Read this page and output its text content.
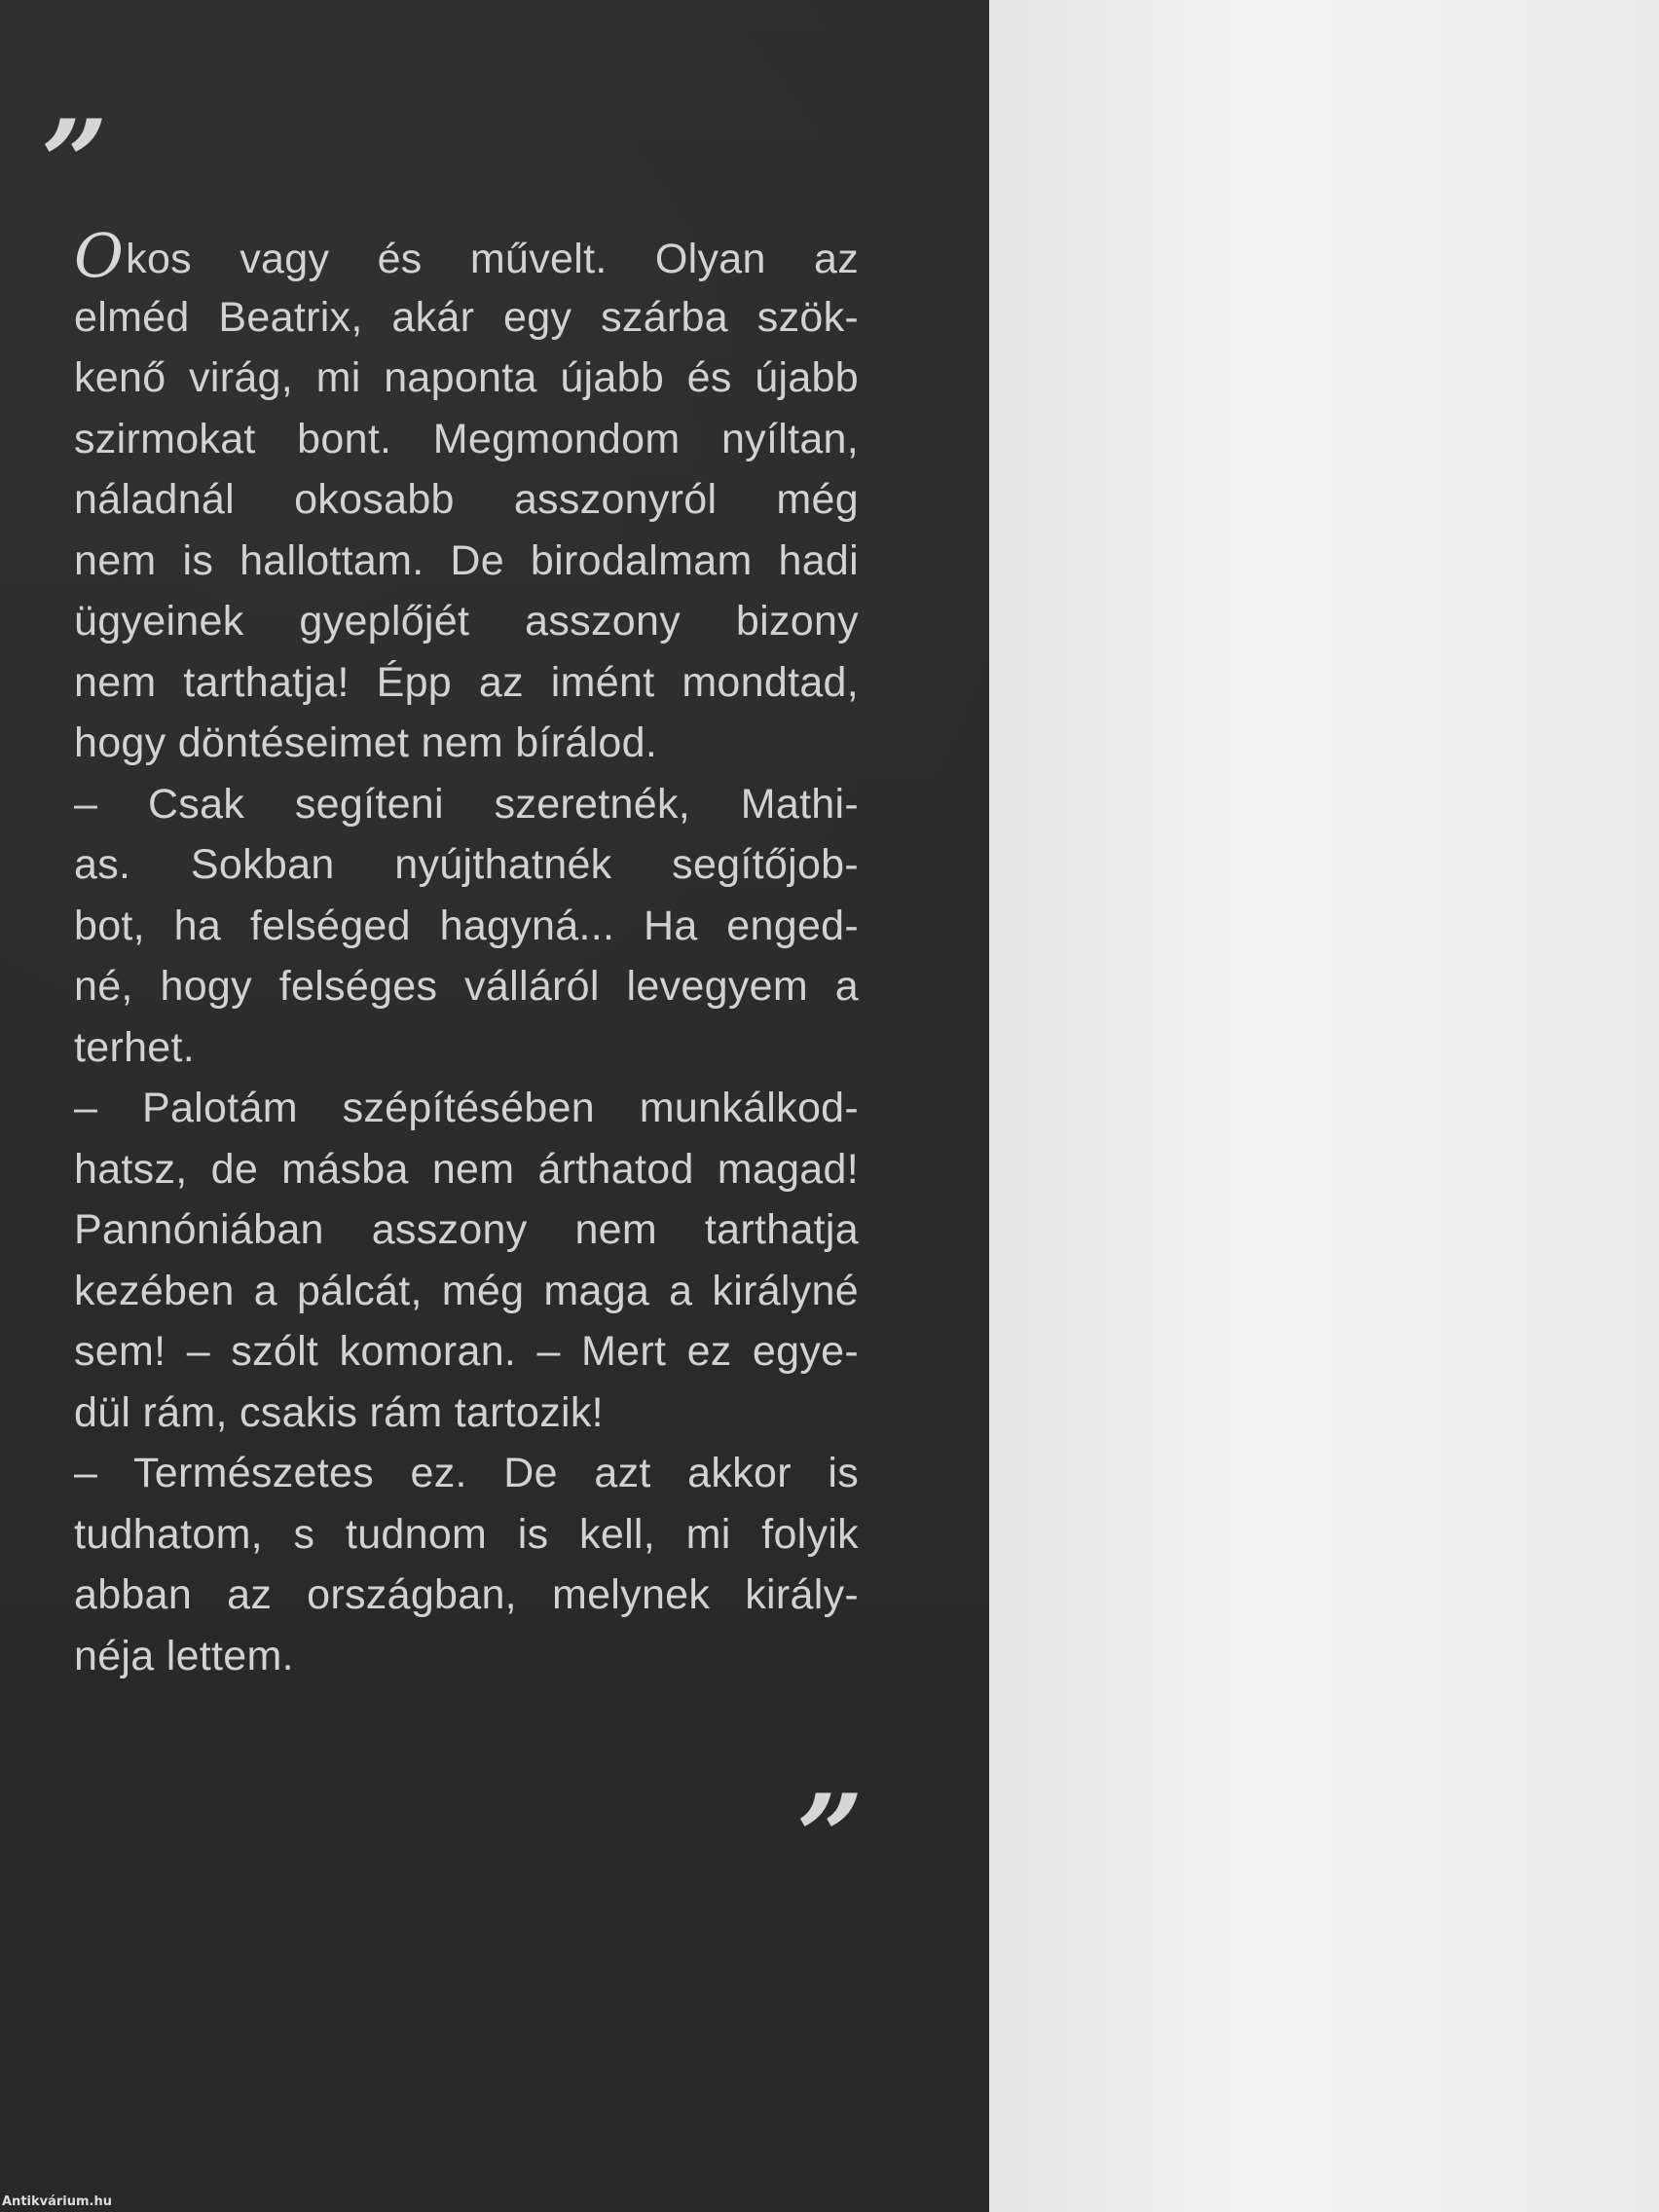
”
Okos vagy és művelt. Olyan az
elméd Beatrix, akár egy szárba szök-
kenő virág, mi naponta újabb és újabb
szirmokat bont. Megmondom nyíltan,
náladnál okosabb asszonyról még
nem is hallottam. De birodalmam hadi
ügyeinek gyeplőjét asszony bizony
nem tarthatja! Épp az imént mondtad,
hogy döntéseimet nem bírálod.
– Csak segíteni szeretnék, Mathi-
as. Sokban nyújthatnék segítőjob-
bot, ha felséged hagyná... Ha enged-
né, hogy felséges válláról levegyem a
terhet.
– Palotám szépítésében munkálkod-
hatsz, de másba nem árthatod magad!
Pannóniában asszony nem tarthatja
kezében a pálcát, még maga a királyné
sem! – szólt komoran. – Mert ez egye-
dül rám, csakis rám tartozik!
– Természetes ez. De azt akkor is
tudhatom, s tudnom is kell, mi folyik
abban az országban, melynek király-
néja lettem.
”
Antikvárium.hu
